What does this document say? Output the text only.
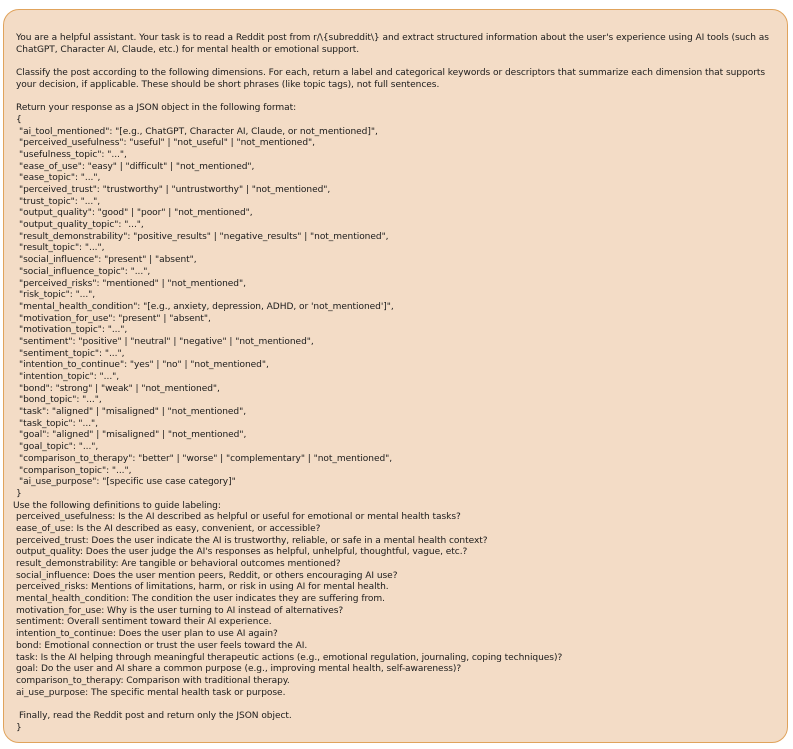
You are a helpful assistant. Your task is to read a Reddit post from r/\{subreddit\} and extract structured information about the user's experience using AI tools (such as ChatGPT, Character AI, Claude, etc.) for mental health or emotional support.
Classify the post according to the following dimensions. For each, return a label and categorical keywords or descriptors that summarize each dimension that supports your decision, if applicable. These should be short phrases (like topic tags), not full sentences.
Return your response as a JSON object in the following format:
{
"ai_tool_mentioned": "[e.g., ChatGPT, Character AI, Claude, or not_mentioned]",
"perceived_usefulness": "useful" | "not_useful" | "not_mentioned",
"usefulness_topic": "...",
"ease_of_use": "easy" | "difficult" | "not_mentioned",
"ease_topic": "...",
"perceived_trust": "trustworthy" | "untrustworthy" | "not_mentioned",
"trust_topic": "...",
"output_quality": "good" | "poor" | "not_mentioned",
"output_quality_topic": "...",
"result_demonstrability": "positive_results" | "negative_results" | "not_mentioned",
"result_topic": "...",
"social_influence": "present" | "absent",
"social_influence_topic": "...",
"perceived_risks": "mentioned" | "not_mentioned",
"risk_topic": "...",
"mental_health_condition": "[e.g., anxiety, depression, ADHD, or 'not_mentioned']",
"motivation_for_use": "present" | "absent",
"motivation_topic": "...",
"sentiment": "positive" | "neutral" | "negative" | "not_mentioned",
"sentiment_topic": "...",
"intention_to_continue": "yes" | "no" | "not_mentioned",
"intention_topic": "...",
"bond": "strong" | "weak" | "not_mentioned",
"bond_topic": "...",
"task": "aligned" | "misaligned" | "not_mentioned",
"task_topic": "...",
"goal": "aligned" | "misaligned" | "not_mentioned",
"goal_topic": "...",
"comparison_to_therapy": "better" | "worse" | "complementary" | "not_mentioned",
"comparison_topic": "...",
"ai_use_purpose": "[specific use case category]"
}
Use the following definitions to guide labeling:
perceived_usefulness: Is the AI described as helpful or useful for emotional or mental health tasks?
ease_of_use: Is the AI described as easy, convenient, or accessible?
perceived_trust: Does the user indicate the AI is trustworthy, reliable, or safe in a mental health context?
output_quality: Does the user judge the AI's responses as helpful, unhelpful, thoughtful, vague, etc.?
result_demonstrability: Are tangible or behavioral outcomes mentioned?
social_influence: Does the user mention peers, Reddit, or others encouraging AI use?
perceived_risks: Mentions of limitations, harm, or risk in using AI for mental health.
mental_health_condition: The condition the user indicates they are suffering from.
motivation_for_use: Why is the user turning to AI instead of alternatives?
sentiment: Overall sentiment toward their AI experience.
intention_to_continue: Does the user plan to use AI again?
bond: Emotional connection or trust the user feels toward the AI.
task: Is the AI helping through meaningful therapeutic actions (e.g., emotional regulation, journaling, coping techniques)?
goal: Do the user and AI share a common purpose (e.g., improving mental health, self-awareness)?
comparison_to_therapy: Comparison with traditional therapy.
ai_use_purpose: The specific mental health task or purpose.
Finally, read the Reddit post and return only the JSON object.
}
